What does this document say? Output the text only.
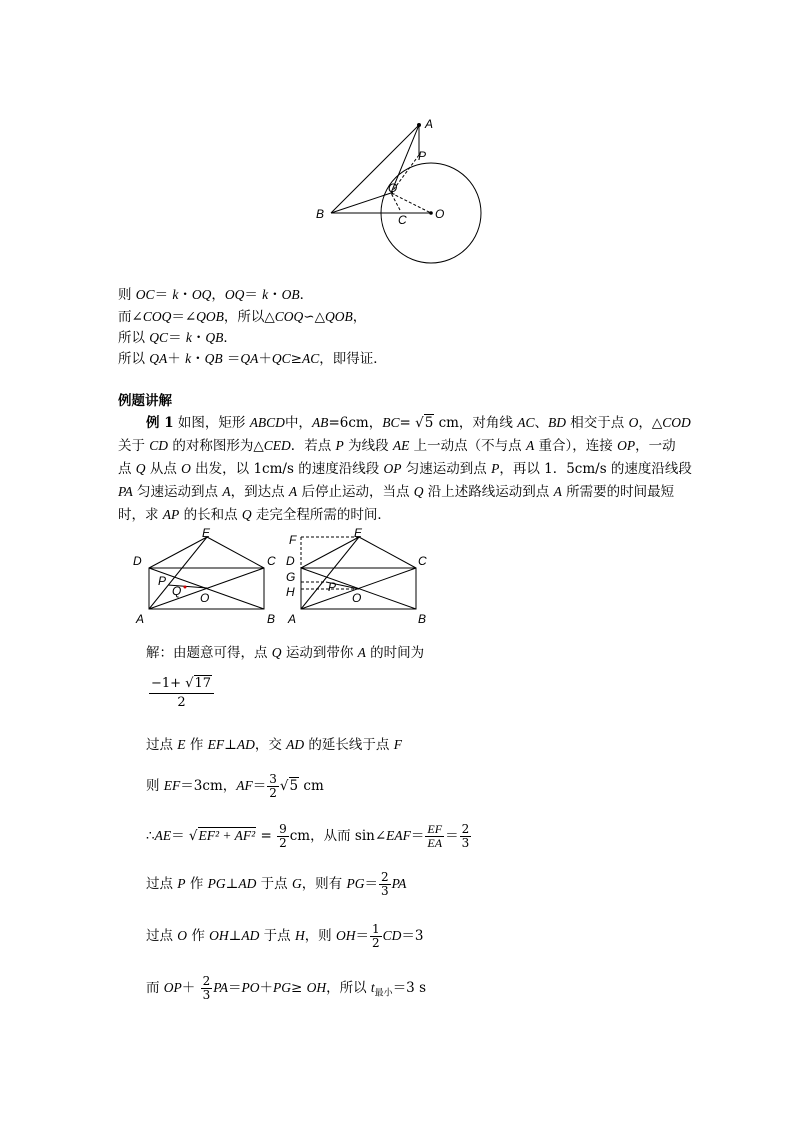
A
P
Q
B	C O
则 OC＝ k・OQ，OQ＝ k・OB．
而∠COQ＝∠QOB，所以△COQ∽△QOB，
所以 QC＝ k・QB．
所以 QA＋ k・QB ＝QA＋QC≥AC，即得证．
例题讲解
例 1 如图，矩形 ABCD中，AB=6cm，BC= √5 cm，对角线 AC、BD 相交于点 O，△COD
关于 CD 的对称图形为△CED．若点 P 为线段 AE 上一动点（不与点 A 重合），连接 OP，一动
点 Q 从点 O 出发，以 1cm/s 的速度沿线段 OP 匀速运动到点 P，再以 1．5cm/s 的速度沿线段
PA 匀速运动到点 A，到达点 A 后停止运动，当点 Q 沿上述路线运动到点 A 所需要的时间最短
时，求 AP 的长和点 Q 走完全程所需的时间．
D
E
C
P
Q O
A	B
F	E
D	C
G
H	P
O
A	B
解：由题意可得，点 Q 运动到带你 A 的时间为
$\frac{-1+ √17}{2}$
过点 E 作 EF⊥AD，交 AD 的延长线于点 F
则 EF＝3cm，$AF= \frac{3}{2} √5$ cm
∴AE＝ $√EF^2 + AF^2 = \frac{9}{2}$ cm，从而 sin∠EAF＝ $\frac{EF}{EA} = \frac{2}{3}$
过点 P 作 PG⊥AD 于点 G，则有 $PG= \frac{2}{3}$ PA
过点 O 作 OH⊥AD 于点 H，则 $OH= \frac{1}{2} CD=3$
而 $OP+ \frac{2}{3} PA=PO+PG\ge$ OH，所以 $t_{最小}=3$ s
